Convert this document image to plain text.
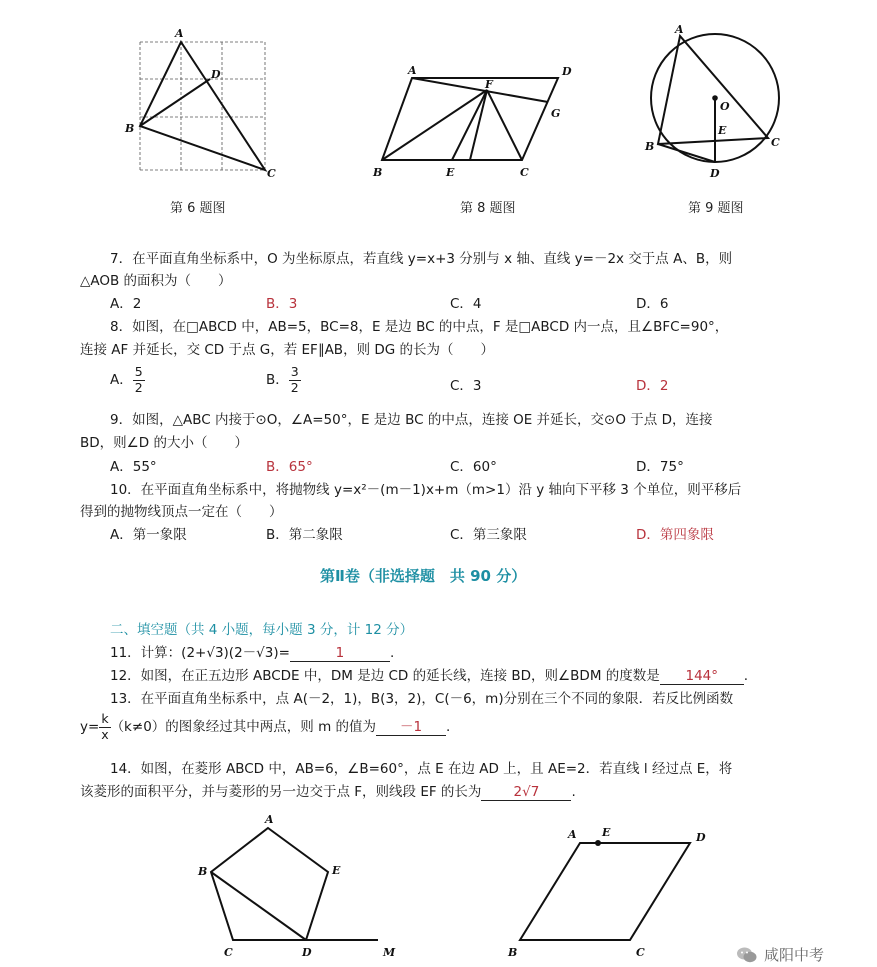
A
B
C
D
第 6 题图
A	D
F
G
B	E	C
第 8 题图
A
O
E
B	C
D
第 9 题图
7．在平面直角坐标系中，O 为坐标原点，若直线 y=x+3 分别与 x 轴、直线 y=－2x 交于点 A、B，则
△AOB 的面积为（　　）
A．2	B．3	C．4	D．6
8．如图，在□ABCD 中，AB=5，BC=8，E 是边 BC 的中点，F 是□ABCD 内一点，且∠BFC=90°，
连接 AF 并延长，交 CD 于点 G，若 EF∥AB，则 DG 的长为（　　）
A． $\frac{5}{2}$	B． $\frac{3}{2}$	C．3	D．2
9．如图，△ABC 内接于⊙O，∠A=50°，E 是边 BC 的中点，连接 OE 并延长，交⊙O 于点 D，连接
BD，则∠D 的大小（　　）
A．55°	B．65°	C．60°	D．75°
10．在平面直角坐标系中，将抛物线 y=x²－(m－1)x+m（m>1）沿 y 轴向下平移 3 个单位，则平移后
得到的抛物线顶点一定在（　　）
A．第一象限	B．第二象限	C．第三象限	D．第四象限
第Ⅱ卷（非选择题　共 90 分）
二、填空题（共 4 小题，每小题 3 分，计 12 分）
11．计算：(2+√3)(2－√3)=	1	.
12．如图，在正五边形 ABCDE 中，DM 是边 CD 的延长线，连接 BD，则∠BDM 的度数是 144° .
13．在平面直角坐标系中，点 A(－2，1)，B(3，2)，C(－6，m)分别在三个不同的象限．若反比例函数
$y= \frac{k}{x} (k\ne 0)$的图象经过其中两点，则 m 的值为 －1 .
14．如图，在菱形 ABCD 中，AB=6，∠B=60°，点 E 在边 AD 上，且 AE=2．若直线 l 经过点 E，将
该菱形的面积平分，并与菱形的另一边交于点 F，则线段 EF 的长为 2√7 .
A
B	E
C	D	M
A E	D
B	C	咸阳中考
